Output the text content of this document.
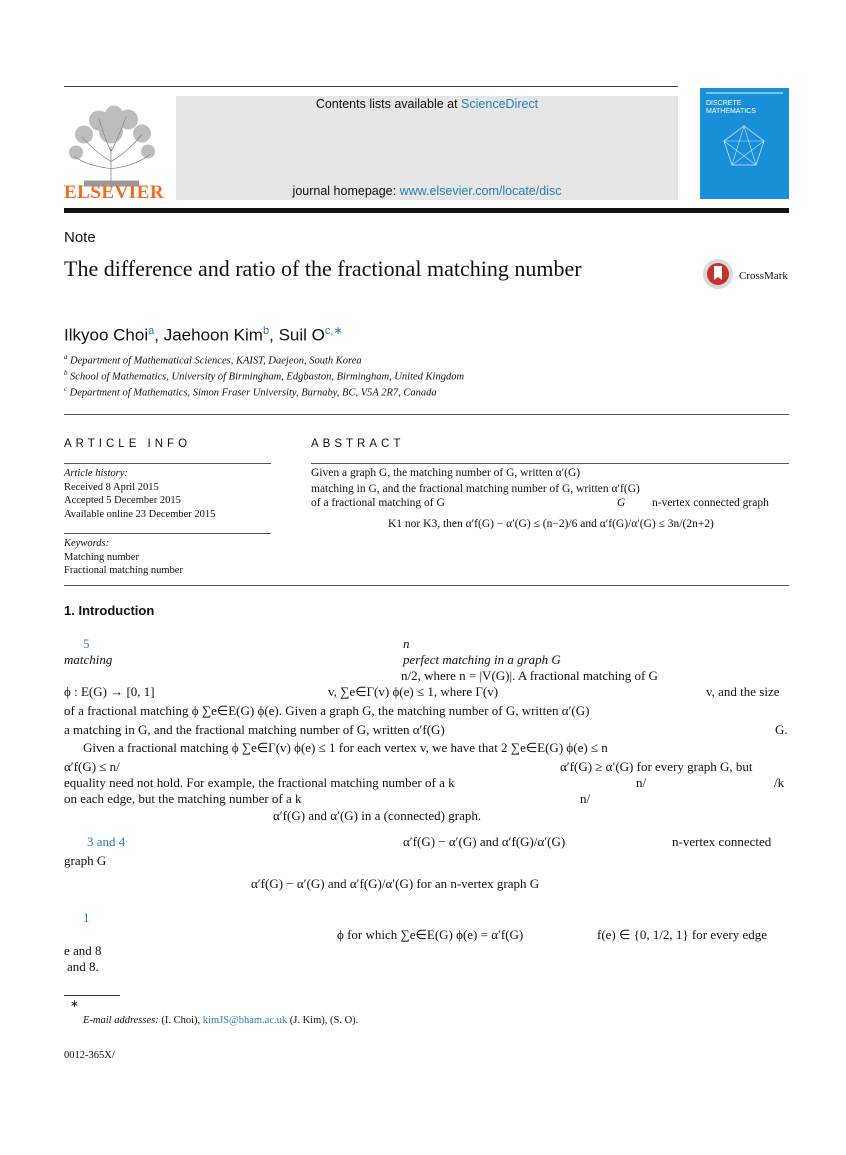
ELSEVIER
Contents lists available at ScienceDirect
journal homepage: www.elsevier.com/locate/disc
DISCRETE
MATHEMATICS
Note
The difference and ratio of the fractional matching number	CrossMark
Ilkyoo Choi$^a$, Jaehoon Kim$^b$, Suil $O^{c,∗}$
$^a$ Department of Mathematical Sciences, KAIST, Daejeon, South Korea
$^b$ School of Mathematics, University of Birmingham, Edgbaston, Birmingham, United Kingdom
$^c$ Department of Mathematics, Simon Fraser University, Burnaby, BC, V5A 2R7, Canada
ARTICLE INFO
Article history:
Received 8 April 2015
Accepted 5 December 2015
Available online 23 December 2015
Keywords:
Matching number
Fractional matching number
ABSTRACT
Given a graph G, the matching number of G, written α′(G)
matching in G, and the fractional matching number of G, written α′f(G)
of a fractional matching of G	G n-vertex connected graph
K1 nor K3, then α′f(G) − α′(G) ≤ (n−2)/6 and α′f(G)/α′(G) ≤ 3n/(2n+2)
1. Introduction
5	n
matching	perfect matching in a graph G
n/2, where n = |V(G)|. A fractional matching of G
ϕ : E(G) → [0, 1]	v, ∑e∈Γ(v) ϕ(e) ≤ 1, where Γ(v)	v, and the size
of a fractional matching ϕ ∑e∈E(G) ϕ(e). Given a graph G, the matching number of G, written α′(G)
a matching in G, and the fractional matching number of G, written α′f(G)	G.
Given a fractional matching ϕ ∑e∈Γ(v) ϕ(e) ≤ 1 for each vertex v, we have that 2 ∑e∈E(G) ϕ(e) ≤ n
α′f(G) ≤ n/	α′f(G) ≥ α′(G) for every graph G, but
equality need not hold. For example, the fractional matching number of a k	n/	/k
on each edge, but the matching number of a k	n/
α′f(G) and α′(G) in a (connected) graph.
3 and 4	α′f(G) − α′(G) and α′f(G)/α′(G)	n-vertex connected
graph G
α′f(G) − α′(G) and α′f(G)/α′(G) for an n-vertex graph G
1
ϕ for which ∑e∈E(G) ϕ(e) = α′f(G)	f(e) ∈ {0, 1/2, 1} for every edge
e and 8
and 8.
∗
E-mail addresses: (I. Choi), kimJS@bham.ac.uk (J. Kim), (S. O).
0012-365X/
